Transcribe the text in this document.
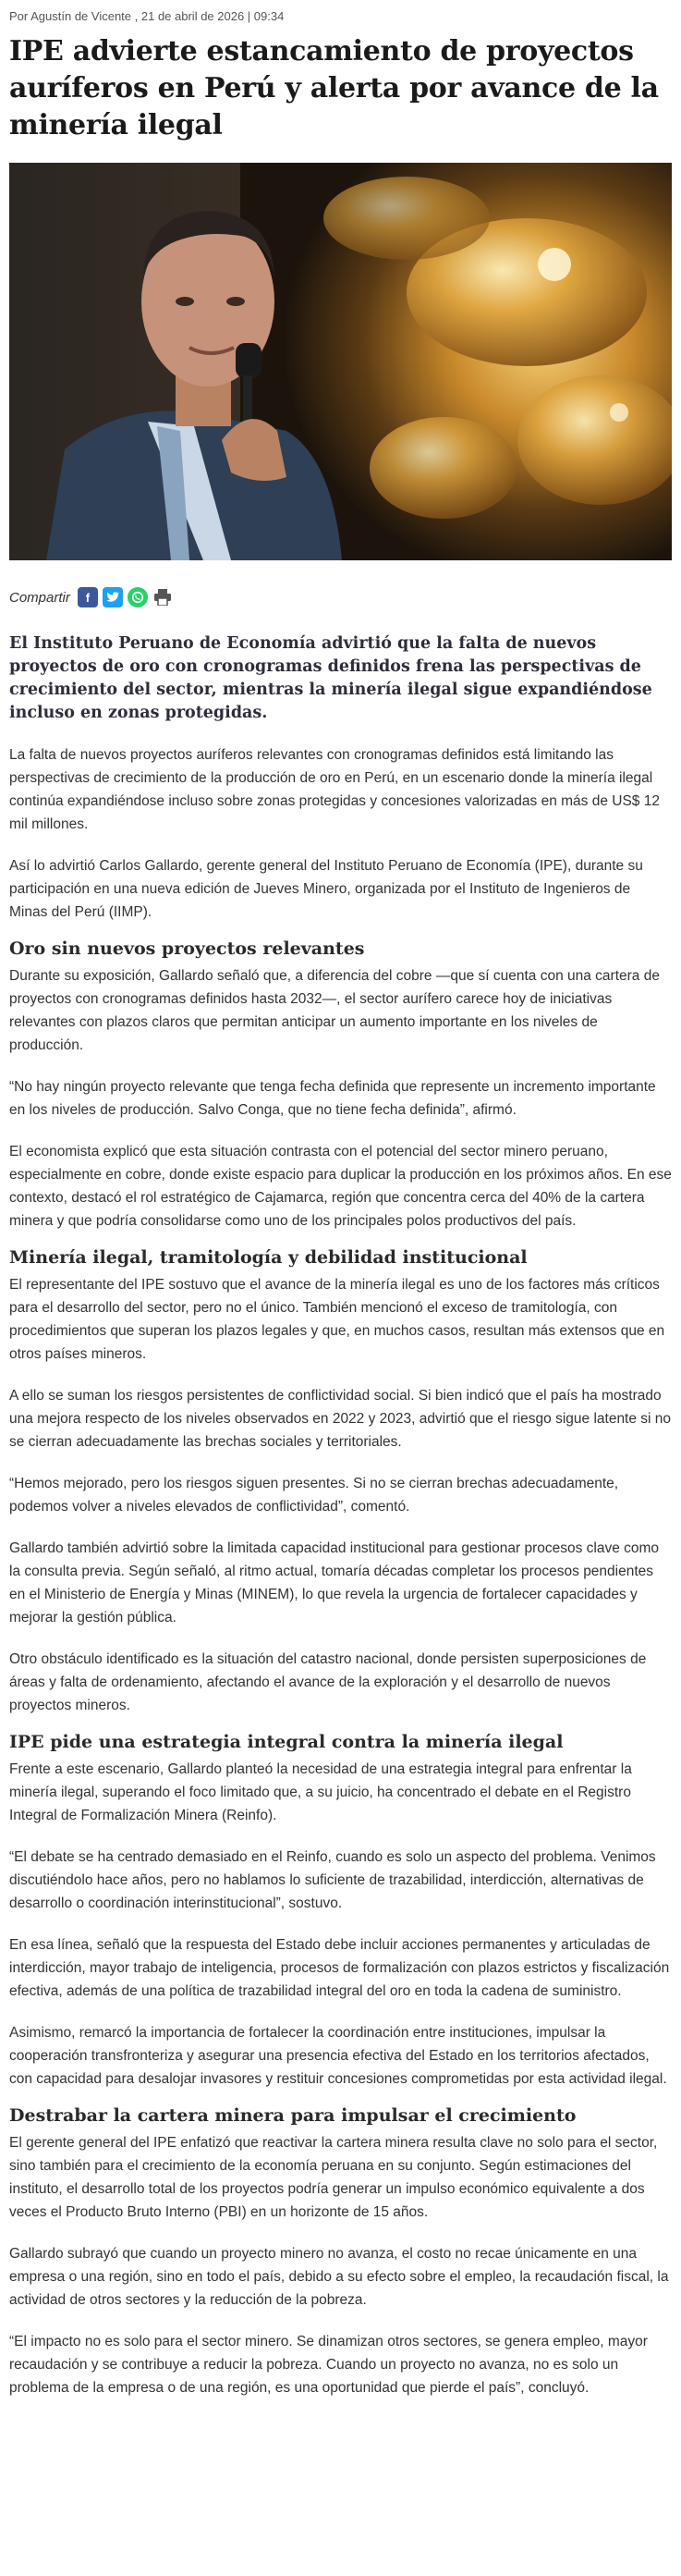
Por Agustín de Vicente , 21 de abril de 2026 | 09:34
IPE advierte estancamiento de proyectos auríferos en Perú y alerta por avance de la minería ilegal
Compartir	f

El Instituto Peruano de Economía advirtió que la falta de nuevos proyectos de oro con cronogramas definidos frena las perspectivas de crecimiento del sector, mientras la minería ilegal sigue expandiéndose incluso en zonas protegidas.

La falta de nuevos proyectos auríferos relevantes con cronogramas definidos está limitando las perspectivas de crecimiento de la producción de oro en Perú, en un escenario donde la minería ilegal continúa expandiéndose incluso sobre zonas protegidas y concesiones valorizadas en más de US$ 12 mil millones.

Así lo advirtió Carlos Gallardo, gerente general del Instituto Peruano de Economía (IPE), durante su participación en una nueva edición de Jueves Minero, organizada por el Instituto de Ingenieros de Minas del Perú (IIMP).

Oro sin nuevos proyectos relevantes

Durante su exposición, Gallardo señaló que, a diferencia del cobre —que sí cuenta con una cartera de proyectos con cronogramas definidos hasta 2032—, el sector aurífero carece hoy de iniciativas relevantes con plazos claros que permitan anticipar un aumento importante en los niveles de producción.

“No hay ningún proyecto relevante que tenga fecha definida que represente un incremento importante en los niveles de producción. Salvo Conga, que no tiene fecha definida”, afirmó.

El economista explicó que esta situación contrasta con el potencial del sector minero peruano, especialmente en cobre, donde existe espacio para duplicar la producción en los próximos años. En ese contexto, destacó el rol estratégico de Cajamarca, región que concentra cerca del 40% de la cartera minera y que podría consolidarse como uno de los principales polos productivos del país.

Minería ilegal, tramitología y debilidad institucional

El representante del IPE sostuvo que el avance de la minería ilegal es uno de los factores más críticos para el desarrollo del sector, pero no el único. También mencionó el exceso de tramitología, con procedimientos que superan los plazos legales y que, en muchos casos, resultan más extensos que en otros países mineros.

A ello se suman los riesgos persistentes de conflictividad social. Si bien indicó que el país ha mostrado una mejora respecto de los niveles observados en 2022 y 2023, advirtió que el riesgo sigue latente si no se cierran adecuadamente las brechas sociales y territoriales.

“Hemos mejorado, pero los riesgos siguen presentes. Si no se cierran brechas adecuadamente, podemos volver a niveles elevados de conflictividad”, comentó.

Gallardo también advirtió sobre la limitada capacidad institucional para gestionar procesos clave como la consulta previa. Según señaló, al ritmo actual, tomaría décadas completar los procesos pendientes en el Ministerio de Energía y Minas (MINEM), lo que revela la urgencia de fortalecer capacidades y mejorar la gestión pública.

Otro obstáculo identificado es la situación del catastro nacional, donde persisten superposiciones de áreas y falta de ordenamiento, afectando el avance de la exploración y el desarrollo de nuevos proyectos mineros.

IPE pide una estrategia integral contra la minería ilegal

Frente a este escenario, Gallardo planteó la necesidad de una estrategia integral para enfrentar la minería ilegal, superando el foco limitado que, a su juicio, ha concentrado el debate en el Registro Integral de Formalización Minera (Reinfo).

“El debate se ha centrado demasiado en el Reinfo, cuando es solo un aspecto del problema. Venimos discutiéndolo hace años, pero no hablamos lo suficiente de trazabilidad, interdicción, alternativas de desarrollo o coordinación interinstitucional”, sostuvo.

En esa línea, señaló que la respuesta del Estado debe incluir acciones permanentes y articuladas de interdicción, mayor trabajo de inteligencia, procesos de formalización con plazos estrictos y fiscalización efectiva, además de una política de trazabilidad integral del oro en toda la cadena de suministro.

Asimismo, remarcó la importancia de fortalecer la coordinación entre instituciones, impulsar la cooperación transfronteriza y asegurar una presencia efectiva del Estado en los territorios afectados, con capacidad para desalojar invasores y restituir concesiones comprometidas por esta actividad ilegal.

Destrabar la cartera minera para impulsar el crecimiento

El gerente general del IPE enfatizó que reactivar la cartera minera resulta clave no solo para el sector, sino también para el crecimiento de la economía peruana en su conjunto. Según estimaciones del instituto, el desarrollo total de los proyectos podría generar un impulso económico equivalente a dos veces el Producto Bruto Interno (PBI) en un horizonte de 15 años.

Gallardo subrayó que cuando un proyecto minero no avanza, el costo no recae únicamente en una empresa o una región, sino en todo el país, debido a su efecto sobre el empleo, la recaudación fiscal, la actividad de otros sectores y la reducción de la pobreza.

“El impacto no es solo para el sector minero. Se dinamizan otros sectores, se genera empleo, mayor recaudación y se contribuye a reducir la pobreza. Cuando un proyecto no avanza, no es solo un problema de la empresa o de una región, es una oportunidad que pierde el país”, concluyó.
